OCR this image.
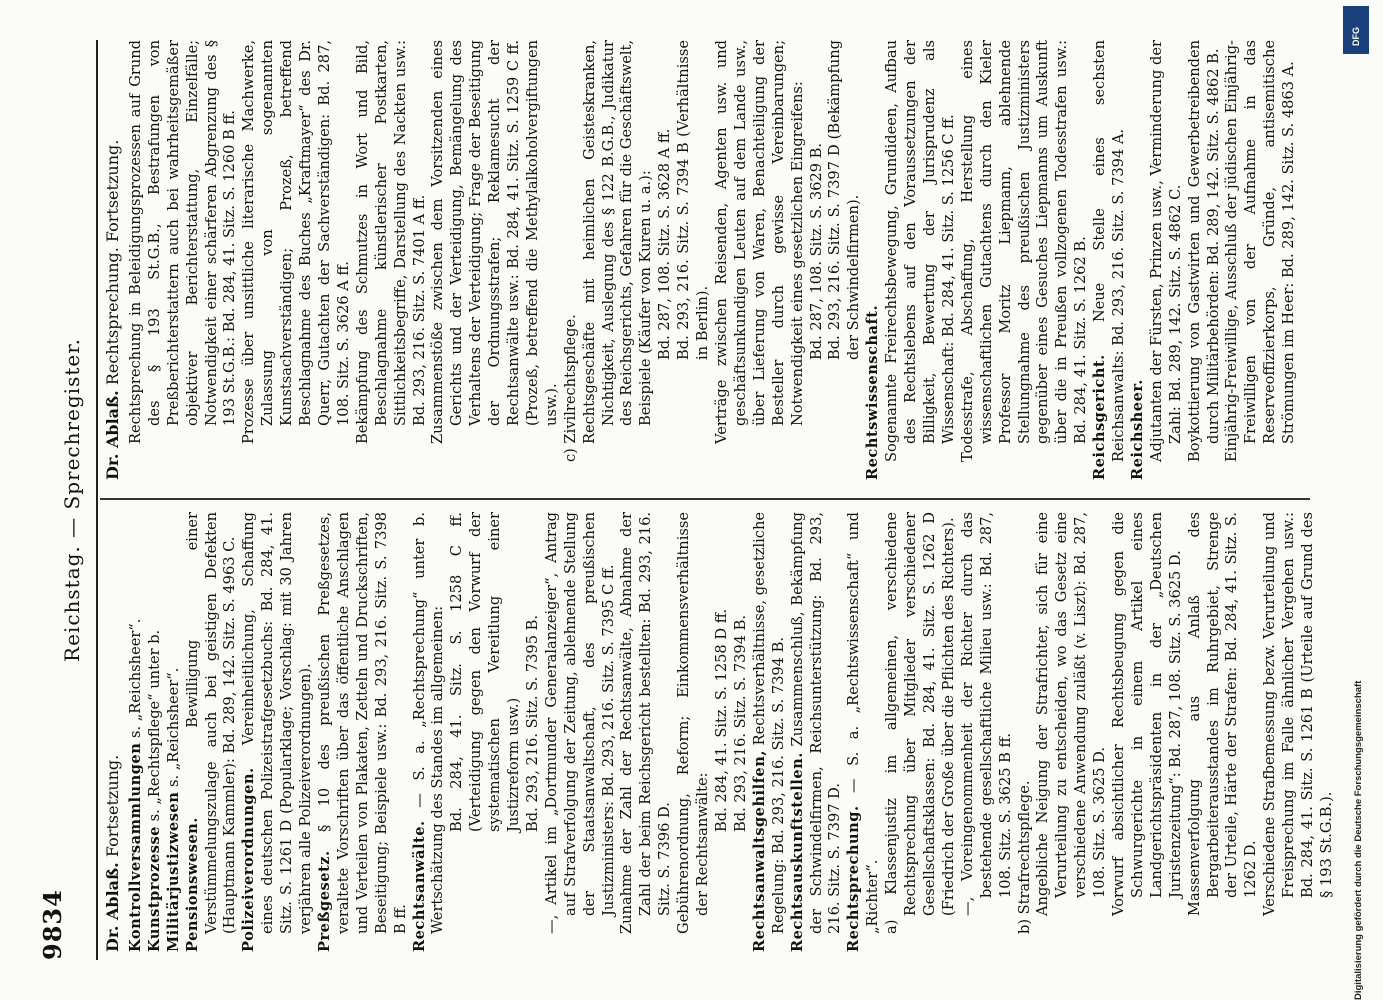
9834
Reichstag. — Sprechregister.
Dr. Ablaß. Fortsetzung. Kontrollversammlungen s. „Reichsheer“.

Kunstprozesse s. „Rechtspflege“ unter b.

Militärjustizwesen s. „Reichsheer“.

Pensionswesen. Bewilligung einer Verstümmelungszulage auch bei geistigen Defekten (Hauptmann Kammler): Bd. 289, 142. Sitz. S. 4963 C. Polizeiverordnungen. Vereinheitlichung, Schaffung eines deutschen Polizeistrafgesetzbuchs: Bd. 284, 41. Sitz. S. 1261 D (Popularklage; Vorschlag: mit 30 Jahren verjähren alle Polizeiverordnungen). Preßgesetz. § 10 des preußischen Preßgesetzes, veraltete Vorschriften über das öffentliche Anschlagen und Verteilen von Plakaten, Zetteln und Druckschriften, Beseitigung; Beispiele usw.: Bd. 293, 216. Sitz. S. 7398 B ff. Rechtsanwälte. — S. a. „Rechtsprechung“ unter b. Wertschätzung des Standes im allgemeinen: Bd. 284, 41. Sitz. S. 1258 C ff. (Verteidigung gegen den Vorwurf der systematischen Vereitlung einer Justizreform usw.) Bd. 293, 216. Sitz. S. 7395 B. —, Artikel im „Dortmunder Generalanzeiger“, Antrag auf Strafverfolgung der Zeitung, ablehnende Stellung der Staatsanwaltschaft, des preußischen Justizministers: Bd. 293, 216. Sitz. S. 7395 C ff. Zunahme der Zahl der Rechtsanwälte, Abnahme der Zahl der beim Reichsgericht bestellten: Bd. 293, 216. Sitz. S. 7396 D. Gebührenordnung, Reform; Einkommensverhältnisse der Rechtsanwälte:

Bd. 284, 41. Sitz. S. 1258 D ff. Bd. 293, 216. Sitz. S. 7394 B.

Rechtsanwaltsgehilfen, Rechtsverhältnisse, gesetzliche Regelung: Bd. 293, 216. Sitz. S. 7394 B. Rechtsauskunftstellen. Zusammenschluß, Bekämpfung der Schwindelfirmen, Reichsunterstützung: Bd. 293, 216. Sitz. S. 7397 D. Rechtsprechung. — S. a. „Rechtswissenschaft“ und „Richter“. a) Klassenjustiz im allgemeinen, verschiedene Rechtsprechung über Mitglieder verschiedener Gesellschaftsklassen: Bd. 284, 41. Sitz. S. 1262 D (Friedrich der Große über die Pflichten des Richters). —, Voreingenommenheit der Richter durch das bestehende gesellschaftliche Milieu usw.: Bd. 287, 108. Sitz. S. 3625 B ff. b) Strafrechtspflege. Angebliche Neigung der Strafrichter, sich für eine Verurteilung zu entscheiden, wo das Gesetz eine verschiedene Anwendung zuläßt (v. Liszt): Bd. 287, 108. Sitz. S. 3625 D. Vorwurf absichtlicher Rechtsbeugung gegen die Schwurgerichte in einem Artikel eines Landgerichtspräsidenten in der „Deutschen Juristenzeitung“: Bd. 287, 108. Sitz. S. 3625 D. Massenverfolgung aus Anlaß des Bergarbeiterausstandes im Ruhrgebiet, Strenge der Urteile, Härte der Strafen: Bd. 284, 41. Sitz. S. 1262 D. Verschiedene Strafbemessung bezw. Verurteilung und Freisprechung im Falle ähnlicher Vergehen usw.: Bd. 284, 41. Sitz. S. 1261 B (Urteile auf Grund des § 193 St.G.B.).

Dr. Ablaß. Rechtsprechung. Fortsetzung. Rechtsprechung in Beleidigungsprozessen auf Grund des § 193 St.G.B., Bestrafungen von Preßberichterstattern auch bei wahrheitsgemäßer objektiver Berichterstattung, Einzelfälle; Notwendigkeit einer schärferen Abgrenzung des § 193 St.G.B.: Bd. 284, 41. Sitz. S. 1260 B ff. Prozesse über unsittliche literarische Machwerke, Zulassung von sogenannten Kunstsachverständigen; Prozeß, betreffend Beschlagnahme des Buches „Kraftmayer“ des Dr. Querr, Gutachten der Sachverständigen: Bd. 287, 108. Sitz. S. 3626 A ff. Bekämpfung des Schmutzes in Wort und Bild, Beschlagnahme künstlerischer Postkarten, Sittlichkeitsbegriffe, Darstellung des Nackten usw.: Bd. 293, 216. Sitz. S. 7401 A ff. Zusammenstöße zwischen dem Vorsitzenden eines Gerichts und der Verteidigung, Bemängelung des Verhaltens der Verteidigung; Frage der Beseitigung der Ordnungsstrafen; Reklamesucht der Rechtsanwälte usw.: Bd. 284, 41. Sitz. S. 1259 C ff. (Prozeß, betreffend die Methylalkoholvergiftungen usw.). c) Zivilrechtspflege. Rechtsgeschäfte mit heimlichen Geisteskranken, Nichtigkeit, Auslegung des § 122 B.G.B., Judikatur des Reichsgerichts, Gefahren für die Geschäftswelt, Beispiele (Käufer von Kuren u. a.): Bd. 287, 108. Sitz. S. 3628 A ff. Bd. 293, 216. Sitz. S. 7394 B (Verhältnisse in Berlin). Verträge zwischen Reisenden, Agenten usw. und geschäftsunkundigen Leuten auf dem Lande usw., über Lieferung von Waren, Benachteiligung der Besteller durch gewisse Vereinbarungen; Notwendigkeit eines gesetzlichen Eingreifens: Bd. 287, 108. Sitz. S. 3629 B. Bd. 293, 216. Sitz. S. 7397 D (Bekämpfung der Schwindelfirmen).

Rechtswissenschaft. Sogenannte Freirechtsbewegung, Grundideen, Aufbau des Rechtslebens auf den Voraussetzungen der Billigkeit, Bewertung der Jurisprudenz als Wissenschaft: Bd. 284, 41. Sitz. S. 1256 C ff. Todesstrafe, Abschaffung, Herstellung eines wissenschaftlichen Gutachtens durch den Kieler Professor Moritz Liepmann, ablehnende Stellungnahme des preußischen Justizministers gegenüber eines Gesuches Liepmanns um Auskunft über die in Preußen vollzogenen Todesstrafen usw.: Bd. 284, 41. Sitz. S. 1262 B. Reichsgericht. Neue Stelle eines sechsten Reichsanwalts: Bd. 293, 216. Sitz. S. 7394 A. Reichsheer. Adjutanten der Fürsten, Prinzen usw., Verminderung der Zahl: Bd. 289, 142. Sitz. S. 4862 C. Boykottierung von Gastwirten und Gewerbetreibenden durch Militärbehörden: Bd. 289, 142. Sitz. S. 4862 B. Einjährig-Freiwillige, Ausschluß der jüdischen Einjährig-Freiwilligen von der Aufnahme in das Reserveoffizierkorps, Gründe, antisemitische Strömungen im Heer: Bd. 289, 142. Sitz. S. 4863 A.

Digitalisierung gefördert durch die Deutsche Forschungsgemeinschaft
DFG
